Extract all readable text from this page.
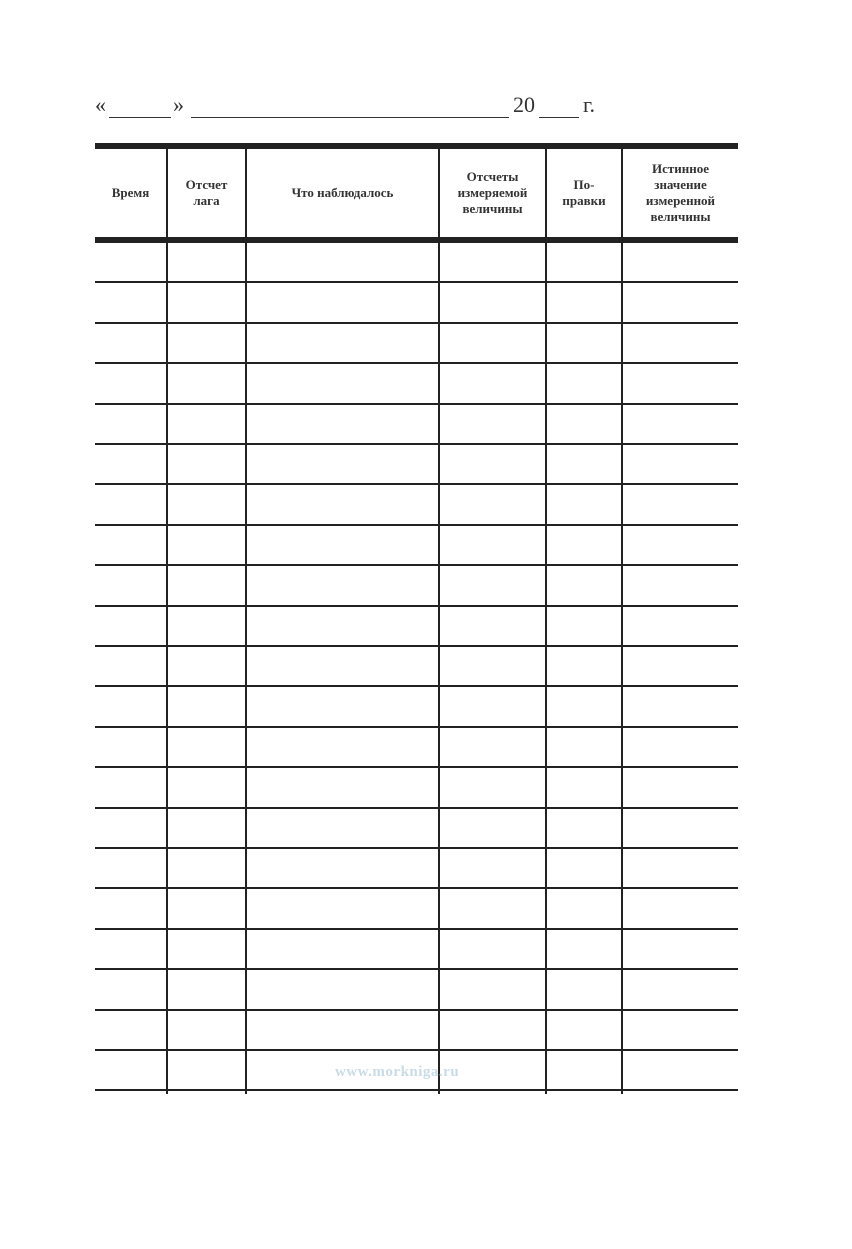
«	»	20 г.
Время
Отсчет
лага
Что наблюдалось
Отсчеты
измеряемой
величины
По-
правки
Истинное
значение
измеренной
величины
www.morkniga.ru
